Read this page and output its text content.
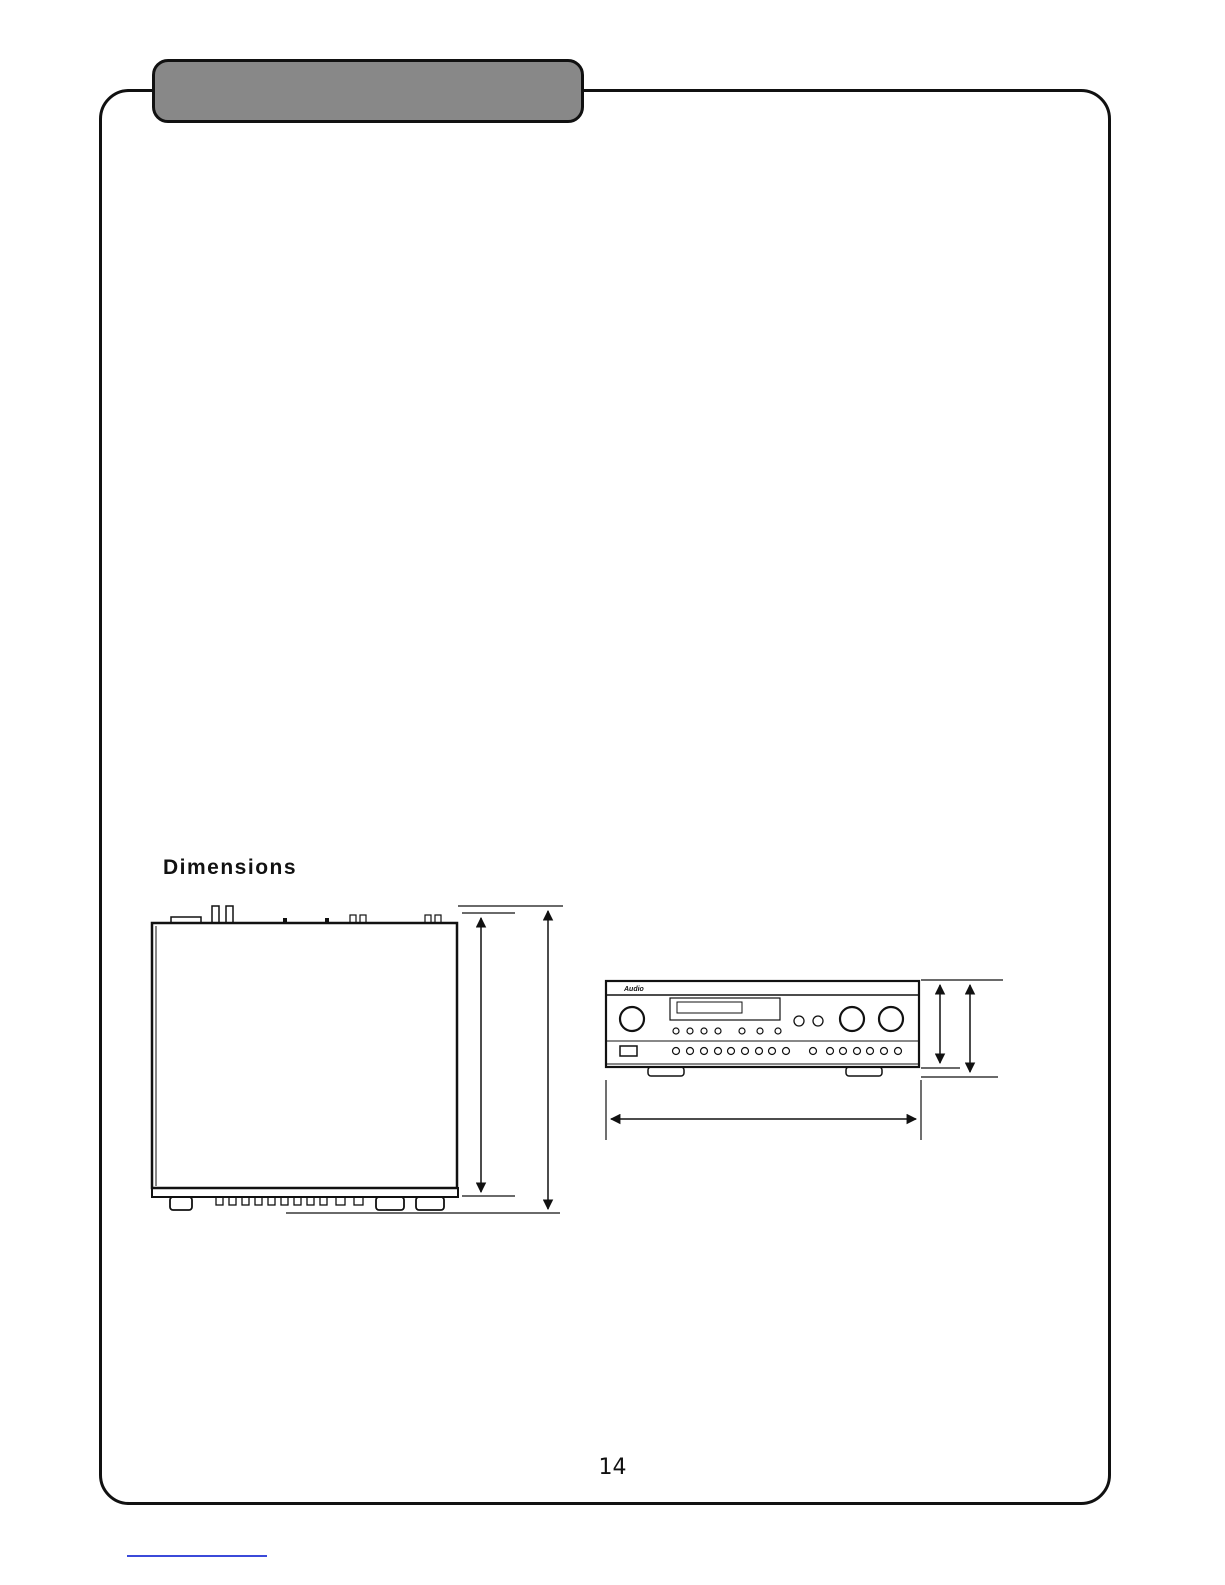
Dimensions
Audio
14
